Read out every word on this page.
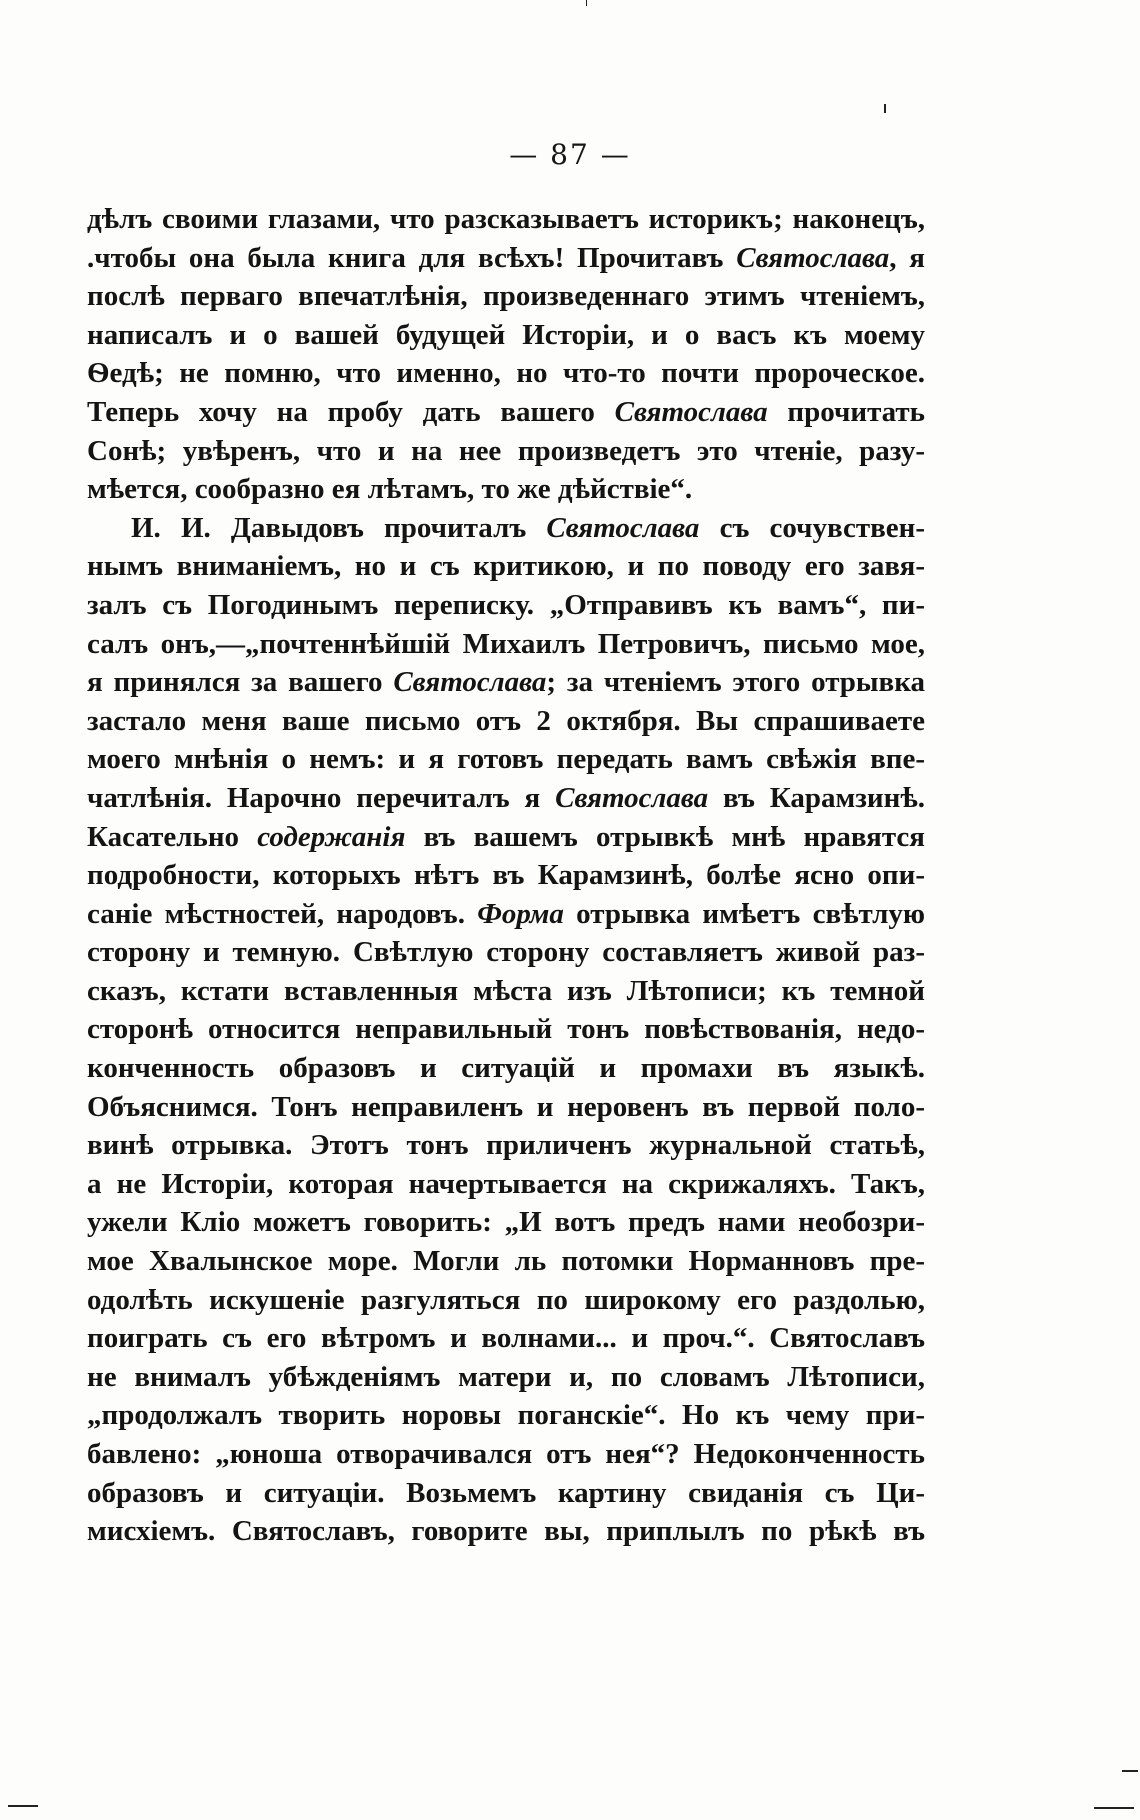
— 87 —
дѣлъ своими глазами, что разсказываетъ историкъ; наконецъ,
.чтобы она была книга для всѣхъ! Прочитавъ Святослава, я
послѣ перваго впечатлѣнія, произведеннаго этимъ чтеніемъ,
написалъ и о вашей будущей Исторіи, и о васъ къ моему
Ѳедѣ; не помню, что именно, но что-то почти пророческое.
Теперь хочу на пробу дать вашего Святослава прочитать
Сонѣ; увѣренъ, что и на нее произведетъ это чтеніе, разу-
мѣется, сообразно ея лѣтамъ, то же дѣйствіе“.
И. И. Давыдовъ прочиталъ Святослава съ сочувствен-
нымъ вниманіемъ, но и съ критикою, и по поводу его завя-
залъ съ Погодинымъ переписку. „Отправивъ къ вамъ“, пи-
салъ онъ,—„почтеннѣйшій Михаилъ Петровичъ, письмо мое,
я принялся за вашего Святослава; за чтеніемъ этого отрывка
застало меня ваше письмо отъ 2 октября. Вы спрашиваете
моего мнѣнія о немъ: и я готовъ передать вамъ свѣжія впе-
чатлѣнія. Нарочно перечиталъ я Святослава въ Карамзинѣ.
Касательно содержанія въ вашемъ отрывкѣ мнѣ нравятся
подробности, которыхъ нѣтъ въ Карамзинѣ, болѣе ясно опи-
саніе мѣстностей, народовъ. Форма отрывка имѣетъ свѣтлую
сторону и темную. Свѣтлую сторону составляетъ живой раз-
сказъ, кстати вставленныя мѣста изъ Лѣтописи; къ темной
сторонѣ относится неправильный тонъ повѣствованія, недо-
конченность образовъ и ситуацій и промахи въ языкѣ.
Объяснимся. Тонъ неправиленъ и неровенъ въ первой поло-
винѣ отрывка. Этотъ тонъ приличенъ журнальной статьѣ,
а не Исторіи, которая начертывается на скрижаляхъ. Такъ,
ужели Кліо можетъ говорить: „И вотъ предъ нами необозри-
мое Хвалынское море. Могли ль потомки Норманновъ пре-
одолѣть искушеніе разгуляться по широкому его раздолью,
поиграть съ его вѣтромъ и волнами... и проч.“. Святославъ
не внималъ убѣжденіямъ матери и, по словамъ Лѣтописи,
„продолжалъ творить норовы поганскіе“. Но къ чему при-
бавлено: „юноша отворачивался отъ нея“? Недоконченность
образовъ и ситуаціи. Возьмемъ картину свиданія съ Ци-
мисхіемъ. Святославъ, говорите вы, приплылъ по рѣкѣ въ
